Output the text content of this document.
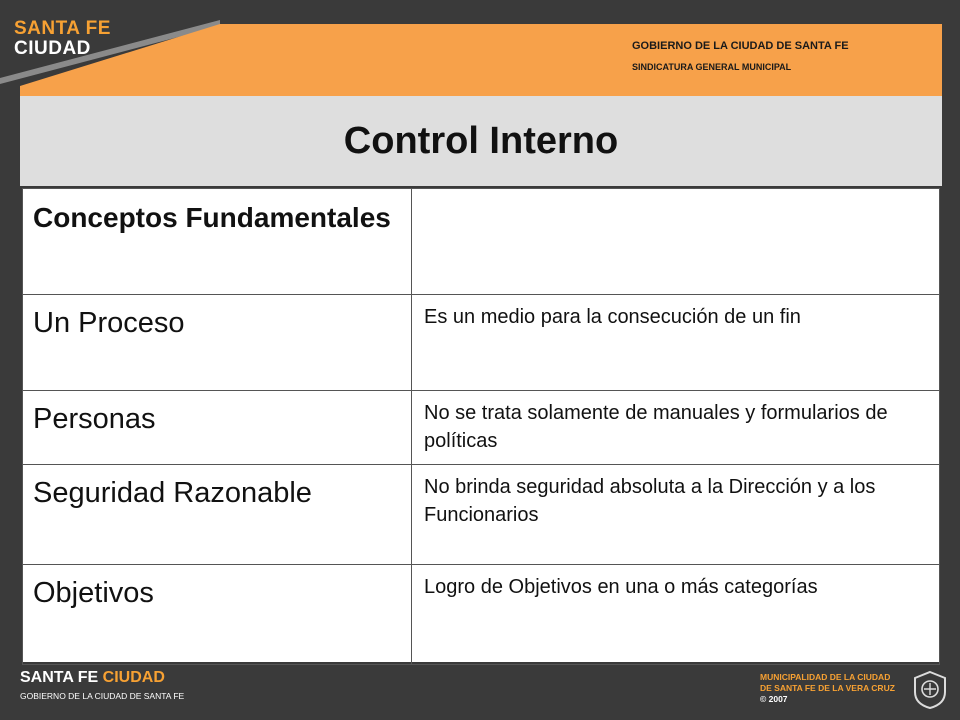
SANTA FE
CIUDAD	GOBIERNO DE LA CIUDAD DE SANTA FE
SINDICATURA GENERAL MUNICIPAL
Control Interno
Conceptos Fundamentales	

Un Proceso	Es un medio para la consecución de un fin

Personas	No se trata solamente de manuales y formularios de políticas

Seguridad Razonable	No brinda seguridad absoluta a la Dirección y a los Funcionarios

Objetivos	Logro de Objetivos en una o más categorías
SANTA FE CIUDAD
GOBIERNO DE LA CIUDAD DE SANTA FE
MUNICIPALIDAD DE LA CIUDAD
DE SANTA FE DE LA VERA CRUZ
© 2007
